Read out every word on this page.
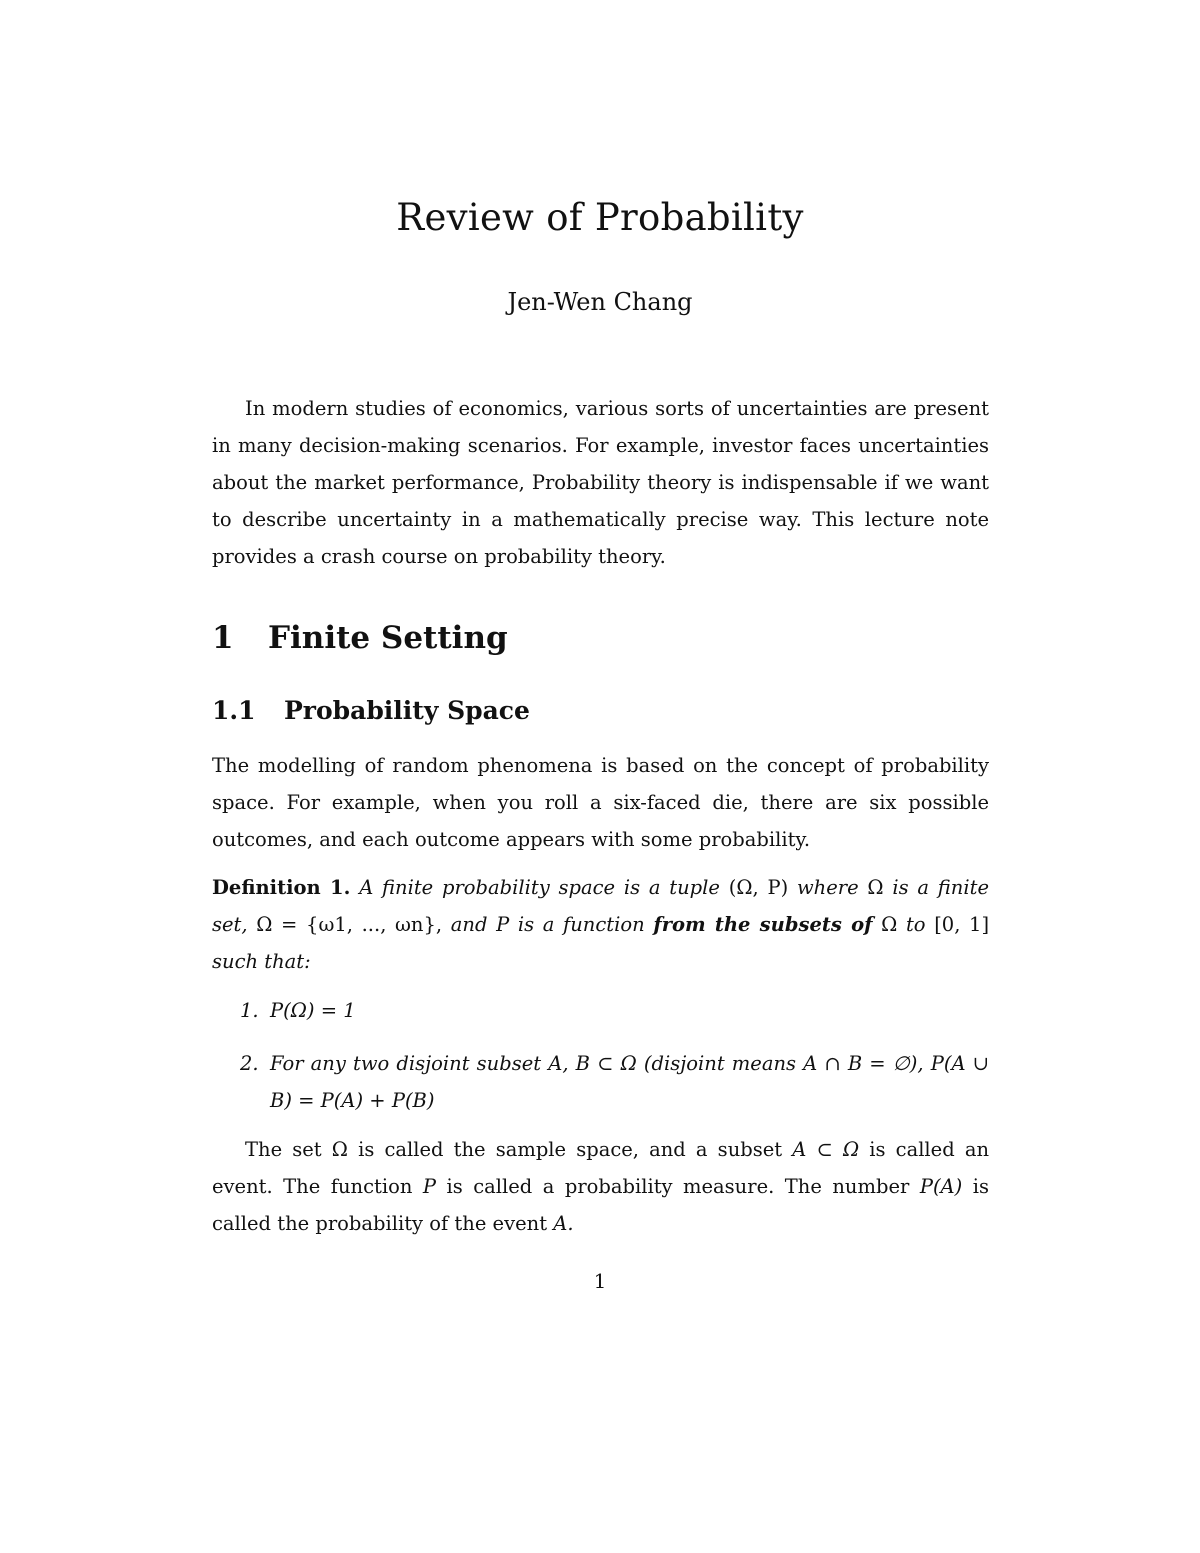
Review of Probability
Jen-Wen Chang

In modern studies of economics, various sorts of uncertainties are present in many decision-making scenarios. For example, investor faces uncertainties about the market performance, Probability theory is indispensable if we want to describe uncertainty in a mathematically precise way. This lecture note provides a crash course on probability theory.

1 Finite Setting
1.1 Probability Space

The modelling of random phenomena is based on the concept of probability space. For example, when you roll a six-faced die, there are six possible outcomes, and each outcome appears with some probability.

Definition 1. A finite probability space is a tuple (Ω, P) where Ω is a finite set, Ω = {ω1, ..., ωn}, and P is a function from the subsets of Ω to [0, 1] such that:

1. P(Ω) = 1
2. For any two disjoint subset A, B ⊂ Ω (disjoint means A ∩ B = ∅), P(A ∪ B) = P(A) + P(B)

The set Ω is called the sample space, and a subset A ⊂ Ω is called an event. The function P is called a probability measure. The number P(A) is called the probability of the event A.

1
